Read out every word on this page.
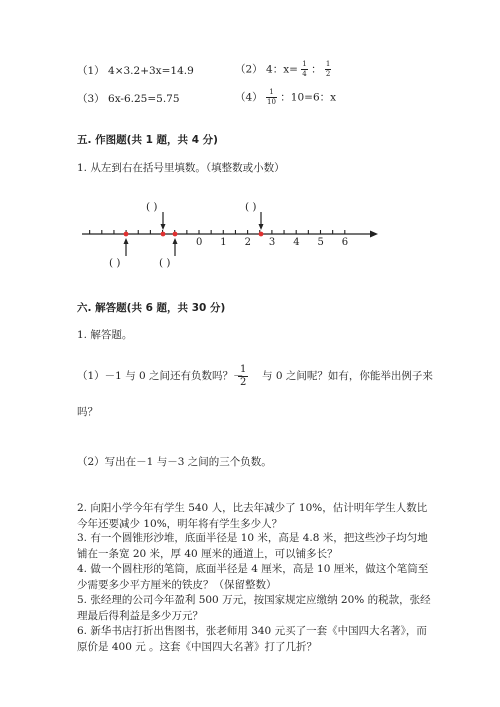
（1） 4×3.2+3x=14.9	（2） 4：$x= \frac{1}{4}$ ： $\frac{1}{2}$
（3） 6x-6.25=5.75	$(4) \frac{1}{10}$ ：10=6：x
五. 作图题(共 1 题，共 4 分)
1. 从左到右在括号里填数。（填整数或小数）
( )	( )
( )	( )
0 1 2 3 4 5 6
六. 解答题(共 6 题，共 30 分)
1. 解答题。
（1）－1 与 0 之间还有负数吗？－
$\frac{1}{2}$ 与 0 之间呢？如有，你能举出例子来
吗？
（2）写出在－1 与－3 之间的三个负数。
2. 向阳小学今年有学生 540 人，比去年减少了 10%，估计明年学生人数比今年还要减少 10%，明年将有学生多少人？
3. 有一个圆锥形沙堆，底面半径是 10 米，高是 4.8 米，把这些沙子均匀地铺在一条宽 20 米，厚 40 厘米的通道上，可以铺多长？
4. 做一个圆柱形的笔筒，底面半径是 4 厘米，高是 10 厘米，做这个笔筒至少需要多少平方厘米的铁皮？（保留整数）
5. 张经理的公司今年盈利 500 万元，按国家规定应缴纳 20% 的税款，张经理最后得利益是多少万元？
6. 新华书店打折出售图书，张老师用 340 元买了一套《中国四大名著》，而原价是 400 元 。这套《中国四大名著》打了几折？
